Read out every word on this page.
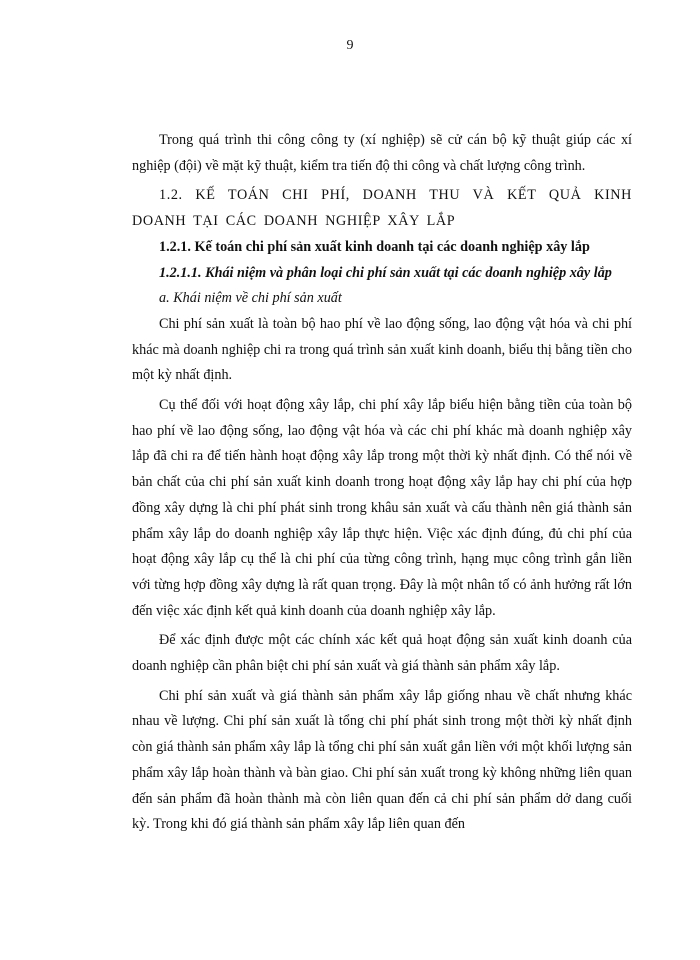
9

Trong quá trình thi công công ty (xí nghiệp) sẽ cử cán bộ kỹ thuật giúp các xí nghiệp (đội) về mặt kỹ thuật, kiểm tra tiến độ thi công và chất lượng công trình.

1.2. KẾ TOÁN CHI PHÍ, DOANH THU VÀ KẾT QUẢ KINH DOANH TẠI CÁC DOANH NGHIỆP XÂY LẮP

1.2.1. Kế toán chi phí sản xuất kinh doanh tại các doanh nghiệp xây lắp

1.2.1.1. Khái niệm và phân loại chi phí sản xuất tại các doanh nghiệp xây lắp

a. Khái niệm về chi phí sản xuất

Chi phí sản xuất là toàn bộ hao phí về lao động sống, lao động vật hóa và chi phí khác mà doanh nghiệp chi ra trong quá trình sản xuất kinh doanh, biểu thị bằng tiền cho một kỳ nhất định.

Cụ thể đối với hoạt động xây lắp, chi phí xây lắp biểu hiện bằng tiền của toàn bộ hao phí về lao động sống, lao động vật hóa và các chi phí khác mà doanh nghiệp xây lắp đã chi ra để tiến hành hoạt động xây lắp trong một thời kỳ nhất định. Có thể nói về bản chất của chi phí sản xuất kinh doanh trong hoạt động xây lắp hay chi phí của hợp đồng xây dựng là chi phí phát sinh trong khâu sản xuất và cấu thành nên giá thành sản phẩm xây lắp do doanh nghiệp xây lắp thực hiện. Việc xác định đúng, đủ chi phí của hoạt động xây lắp cụ thể là chi phí của từng công trình, hạng mục công trình gắn liền với từng hợp đồng xây dựng là rất quan trọng. Đây là một nhân tố có ảnh hưởng rất lớn đến việc xác định kết quả kinh doanh của doanh nghiệp xây lắp.

Để xác định được một các chính xác kết quả hoạt động sản xuất kinh doanh của doanh nghiệp cần phân biệt chi phí sản xuất và giá thành sản phẩm xây lắp.

Chi phí sản xuất và giá thành sản phẩm xây lắp giống nhau về chất nhưng khác nhau về lượng. Chi phí sản xuất là tổng chi phí phát sinh trong một thời kỳ nhất định còn giá thành sản phẩm xây lắp là tổng chi phí sản xuất gắn liền với một khối lượng sản phẩm xây lắp hoàn thành và bàn giao. Chi phí sản xuất trong kỳ không những liên quan đến sản phẩm đã hoàn thành mà còn liên quan đến cả chi phí sản phẩm dở dang cuối kỳ. Trong khi đó giá thành sản phẩm xây lắp liên quan đến
